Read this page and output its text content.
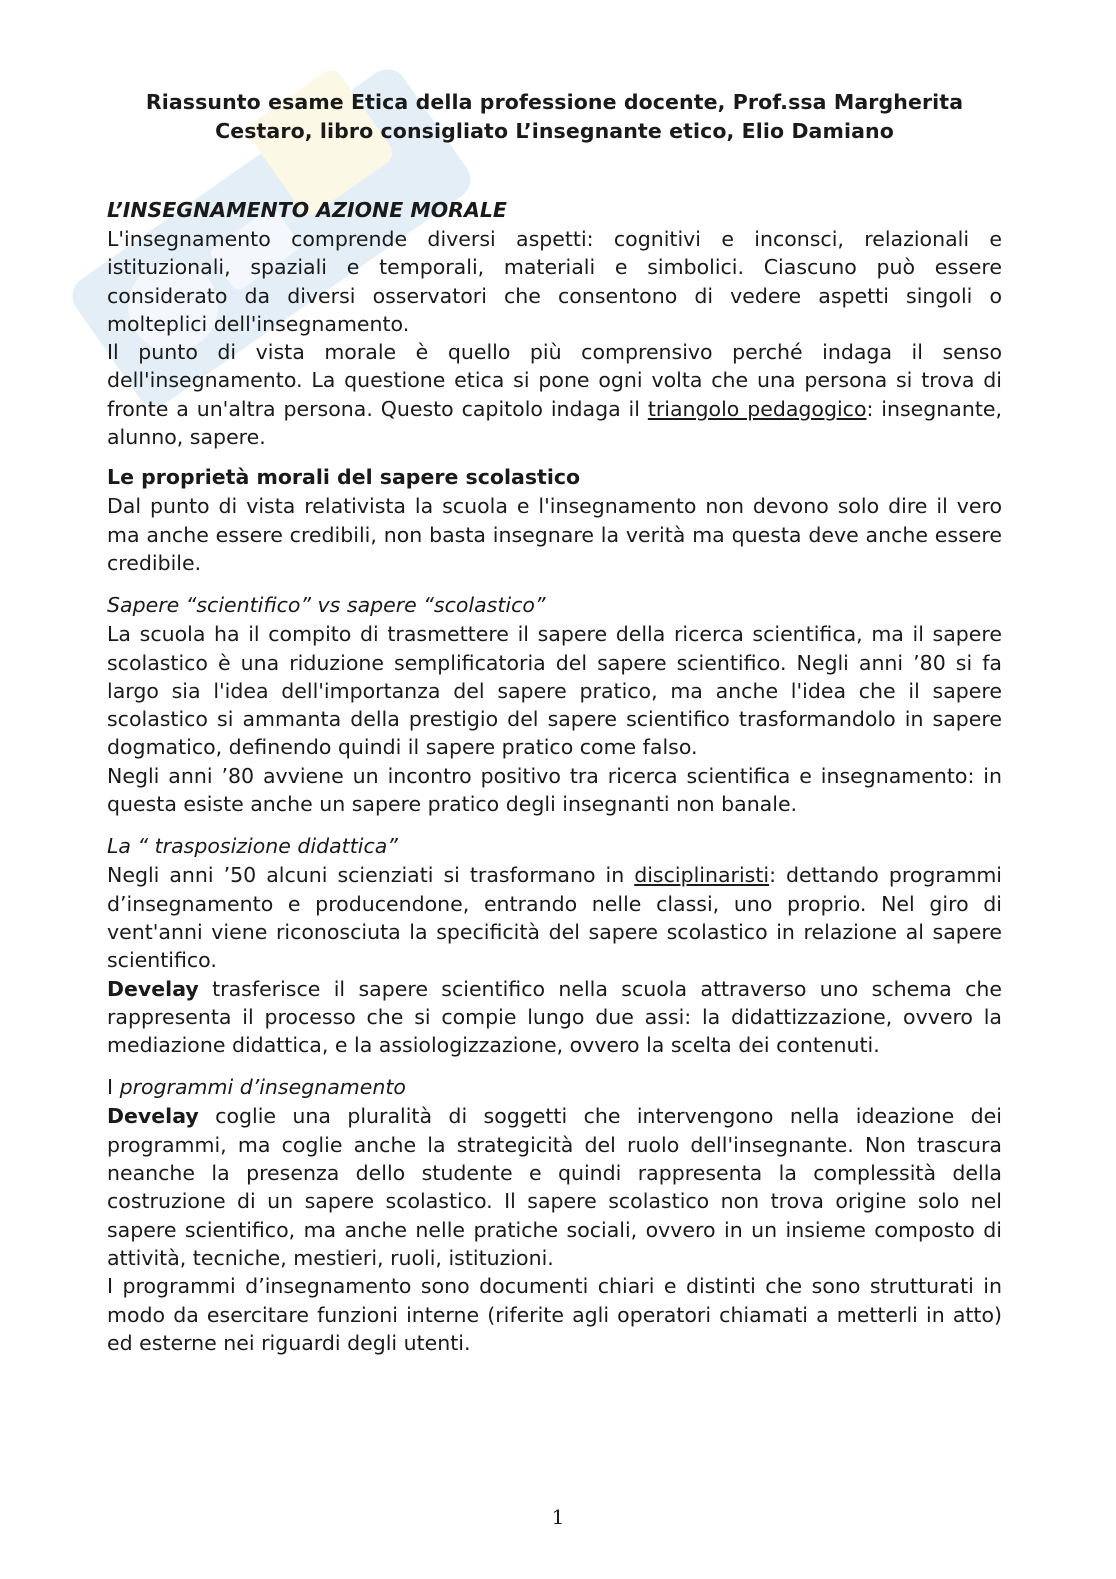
Riassunto esame Etica della professione docente, Prof.ssa Margherita
Cestaro, libro consigliato L’insegnante etico, Elio Damiano
L’INSEGNAMENTO AZIONE MORALE

L'insegnamento comprende diversi aspetti: cognitivi e inconsci, relazionali e istituzionali, spaziali e temporali, materiali e simbolici. Ciascuno può essere considerato da diversi osservatori che consentono di vedere aspetti singoli o molteplici dell'insegnamento.

Il punto di vista morale è quello più comprensivo perché indaga il senso dell'insegnamento. La questione etica si pone ogni volta che una persona si trova di fronte a un'altra persona. Questo capitolo indaga il triangolo pedagogico: insegnante, alunno, sapere.

Le proprietà morali del sapere scolastico

Dal punto di vista relativista la scuola e l'insegnamento non devono solo dire il vero ma anche essere credibili, non basta insegnare la verità ma questa deve anche essere credibile.

Sapere “scientifico” vs sapere “scolastico”

La scuola ha il compito di trasmettere il sapere della ricerca scientifica, ma il sapere scolastico è una riduzione semplificatoria del sapere scientifico. Negli anni ’80 si fa largo sia l'idea dell'importanza del sapere pratico, ma anche l'idea che il sapere scolastico si ammanta della prestigio del sapere scientifico trasformandolo in sapere dogmatico, definendo quindi il sapere pratico come falso.

Negli anni ’80 avviene un incontro positivo tra ricerca scientifica e insegnamento: in questa esiste anche un sapere pratico degli insegnanti non banale.

La “ trasposizione didattica”

Negli anni ’50 alcuni scienziati si trasformano in disciplinaristi: dettando programmi d’insegnamento e producendone, entrando nelle classi, uno proprio. Nel giro di vent'anni viene riconosciuta la specificità del sapere scolastico in relazione al sapere scientifico.

Develay trasferisce il sapere scientifico nella scuola attraverso uno schema che rappresenta il processo che si compie lungo due assi: la didattizzazione, ovvero la mediazione didattica, e la assiologizzazione, ovvero la scelta dei contenuti.

I programmi d’insegnamento

Develay coglie una pluralità di soggetti che intervengono nella ideazione dei programmi, ma coglie anche la strategicità del ruolo dell'insegnante. Non trascura neanche la presenza dello studente e quindi rappresenta la complessità della costruzione di un sapere scolastico. Il sapere scolastico non trova origine solo nel sapere scientifico, ma anche nelle pratiche sociali, ovvero in un insieme composto di attività, tecniche, mestieri, ruoli, istituzioni.

I programmi d’insegnamento sono documenti chiari e distinti che sono strutturati in modo da esercitare funzioni interne (riferite agli operatori chiamati a metterli in atto) ed esterne nei riguardi degli utenti.

1
